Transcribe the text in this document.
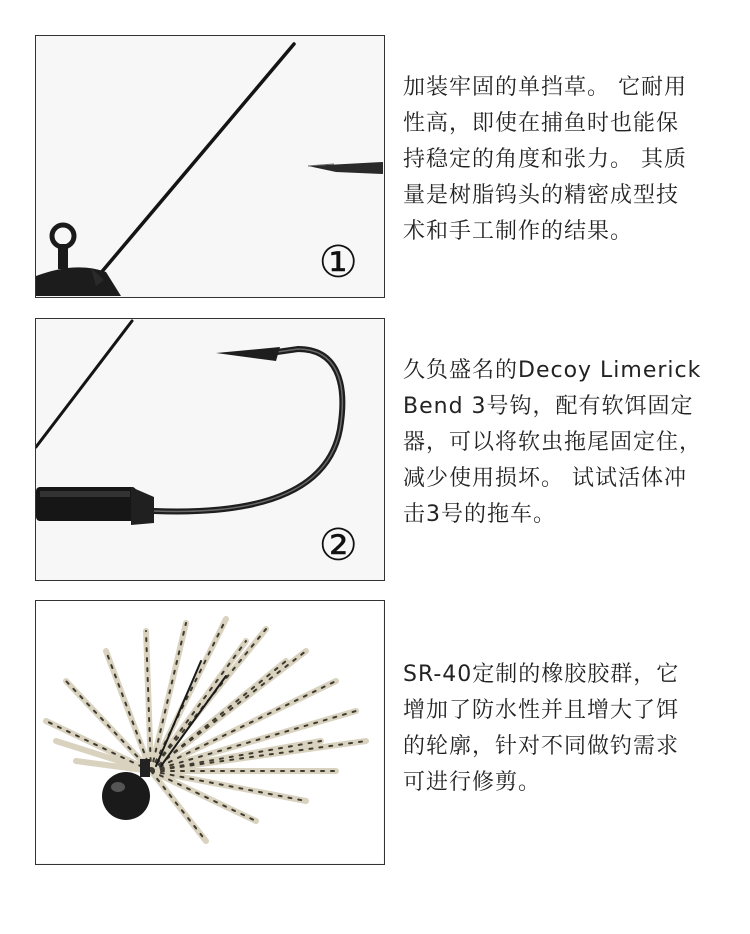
①
加装牢固的单挡草。 它耐用
性高，即使在捕鱼时也能保
持稳定的角度和张力。 其质
量是树脂钨头的精密成型技
术和手工制作的结果。
②
久负盛名的Decoy Limerick
Bend 3号钩，配有软饵固定
器，可以将软虫拖尾固定住，
减少使用损坏。 试试活体冲
击3号的拖车。
SR-40定制的橡胶胶群，它
增加了防水性并且增大了饵
的轮廓，针对不同做钓需求
可进行修剪。
